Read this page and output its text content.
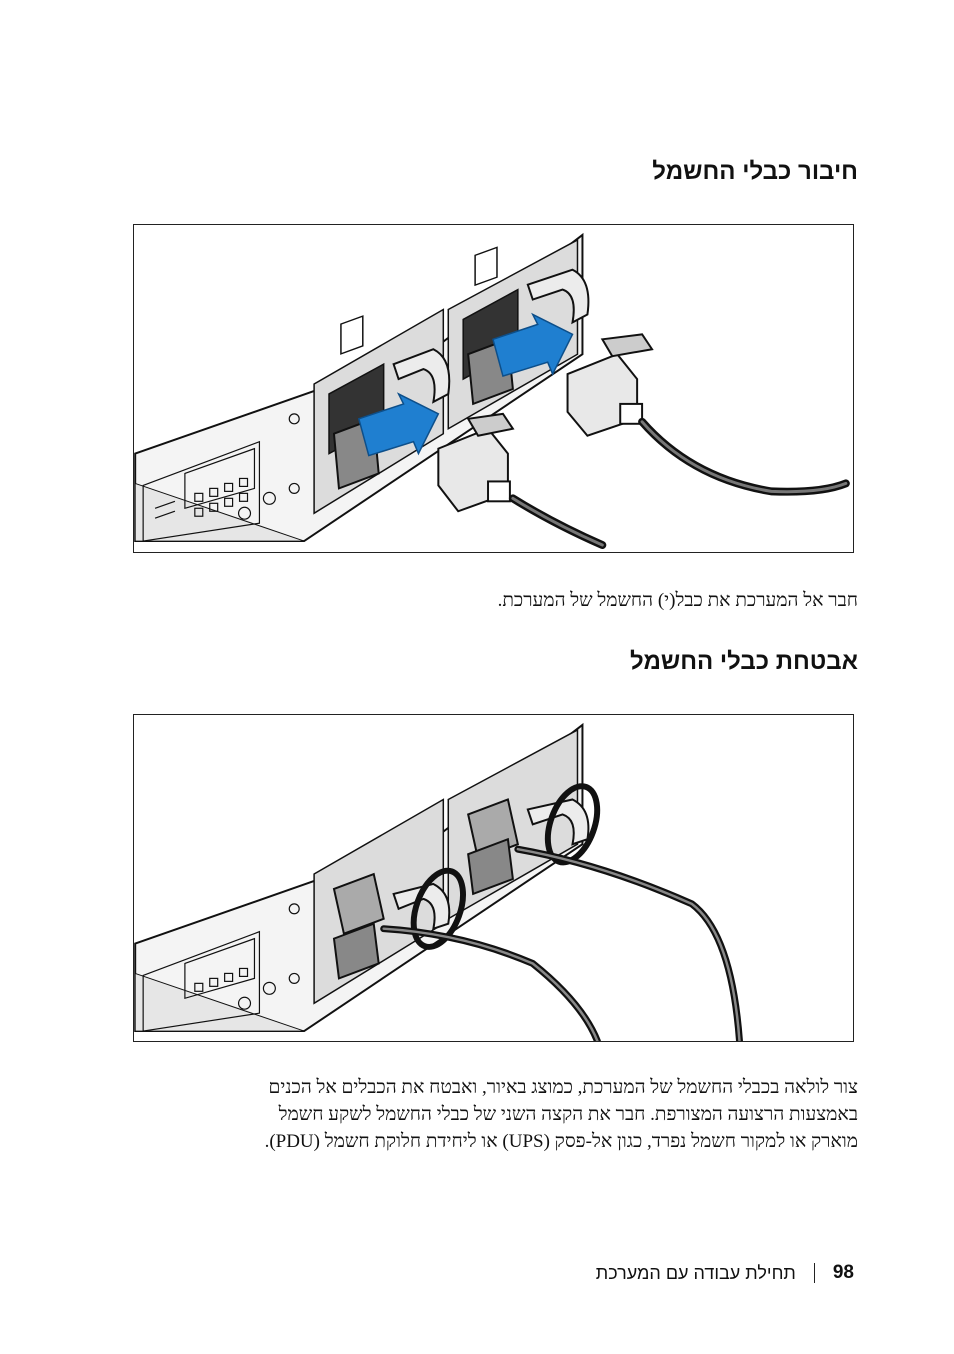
חיבור כבלי החשמל

חבר אל המערכת את כבל(י) החשמל של המערכת.

אבטחת כבלי החשמל

צור לולאה בכבלי החשמל של המערכת, כמוצג באיור, ואבטח את הכבלים אל הכנים
באמצעות הרצועה המצורפת. חבר את הקצה השני של כבלי החשמל לשקע חשמל
מוארק או למקור חשמל נפרד, כגון אל-פסק (UPS) או ליחידת חלוקת חשמל (PDU).

98
תחילת עבודה עם המערכת
